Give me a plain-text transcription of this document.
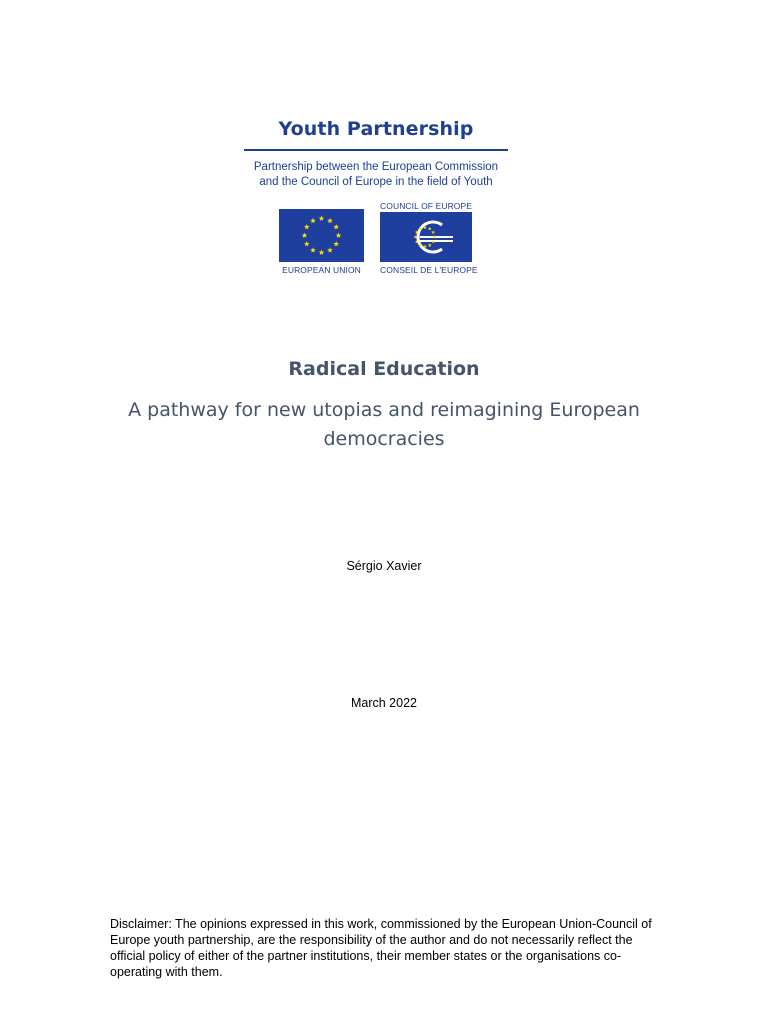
Youth Partnership
Partnership between the European Commission
and the Council of Europe in the field of Youth
EUROPEAN UNION
COUNCIL OF EUROPE
CONSEIL DE L'EUROPE
Radical Education
A pathway for new utopias and reimagining European democracies
Sérgio Xavier
March 2022
Disclaimer: The opinions expressed in this work, commissioned by the European Union-Council of Europe youth partnership, are the responsibility of the author and do not necessarily reflect the official policy of either of the partner institutions, their member states or the organisations co-operating with them.
